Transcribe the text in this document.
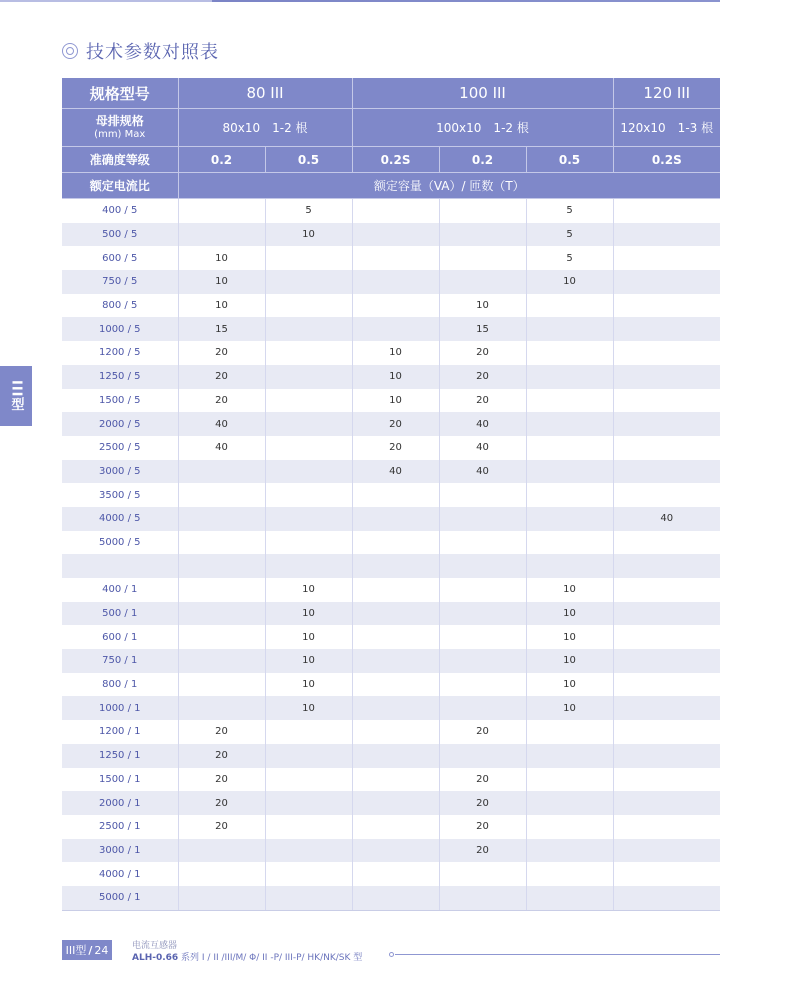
技术参数对照表
III型
规格型号	80 III		100 III			120 III
母排规格
(mm) Max	80x10　1-2 根		100x10　1-2 根			120x10　1-3 根
准确度等级	0.2	0.5	0.2S	0.2	0.5	0.2S
额定电流比	额定容量（VA）/ 匝数（T）					
400 / 5		5			5	
500 / 5		10			5	
600 / 5	10				5	
750 / 5	10				10	
800 / 5	10			10		
1000 / 5	15			15		
1200 / 5	20		10	20		
1250 / 5	20		10	20		
1500 / 5	20		10	20		
2000 / 5	40		20	40		
2500 / 5	40		20	40		
3000 / 5			40	40		
3500 / 5						
4000 / 5						40
5000 / 5						

400 / 1		10			10	
500 / 1		10			10	
600 / 1		10			10	
750 / 1		10			10	
800 / 1		10			10	
1000 / 1		10			10	
1200 / 1	20			20		
1250 / 1	20					
1500 / 1	20			20		
2000 / 1	20			20		
2500 / 1	20			20		
3000 / 1				20		
4000 / 1						
5000 / 1						
III型 / 24	电流互感器
ALH-0.66 系列 I / II /III/M/ Φ/ II -P/ III-P/ HK/NK/SK 型
